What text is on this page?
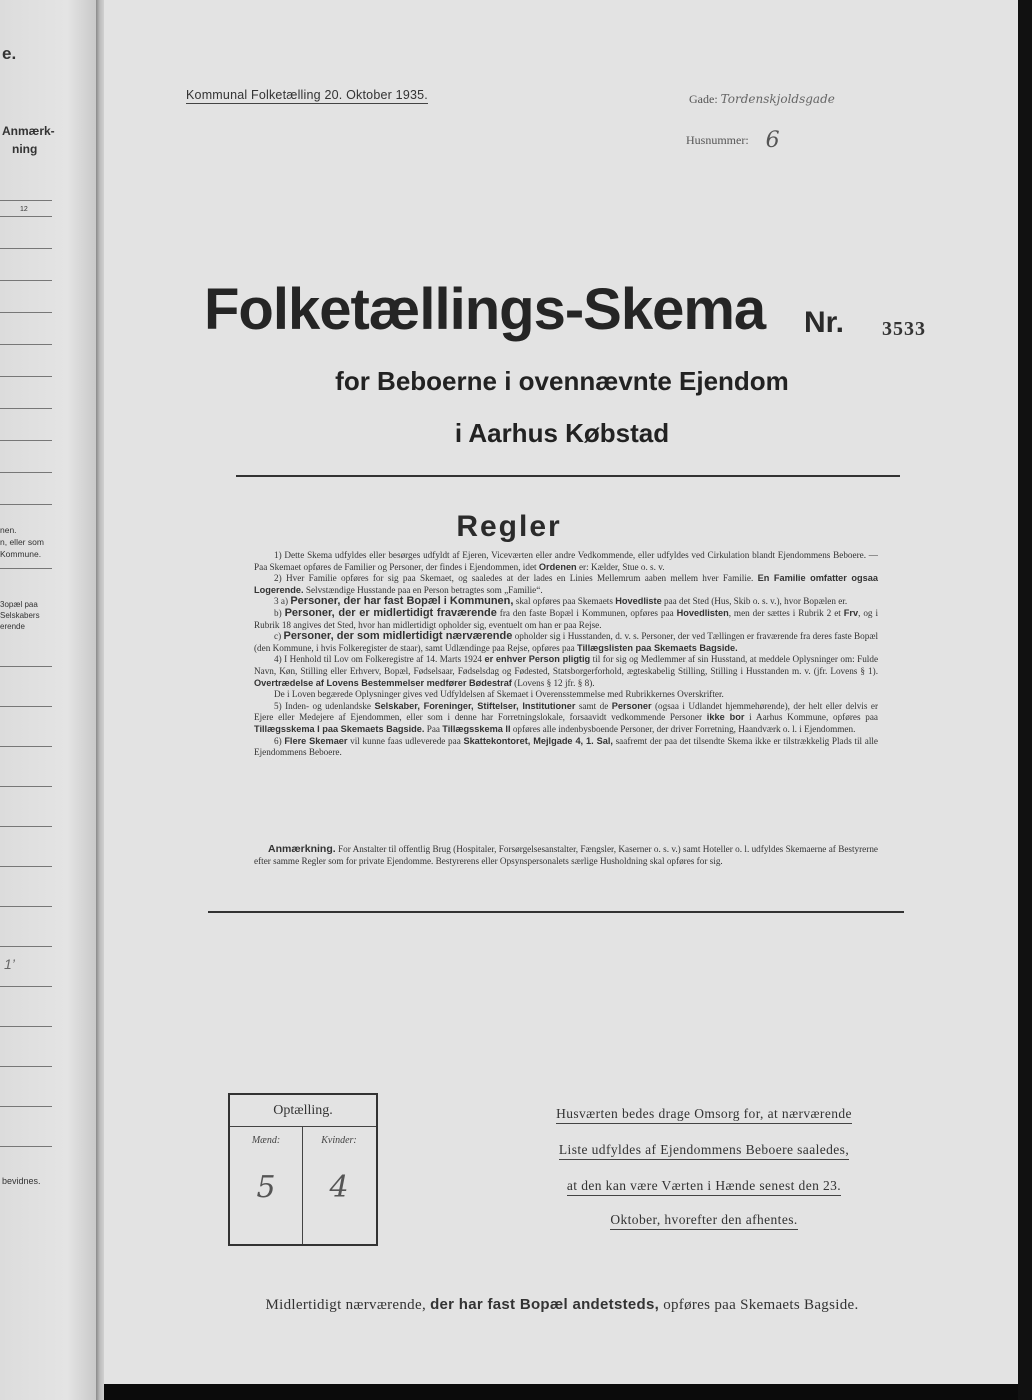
e.
Anmærk-
ning
12
nen.
n, eller som
Kommune.
3opæl paa
Selskabers
erende
1’
bevidnes.
Kommunal Folketælling 20. Oktober 1935.	Gade: Tordenskjoldsgade
Husnummer: 6
Folketællings-Skema Nr. 3533
for Beboerne i ovennævnte Ejendom
i Aarhus Købstad
Regler

1) Dette Skema udfyldes eller besørges udfyldt af Ejeren, Viceværten eller andre Vedkommende, eller udfyldes ved Cirkulation blandt Ejendommens Beboere. — Paa Skemaet opføres de Familier og Personer, der findes i Ejendommen, idet Ordenen er: Kælder, Stue o. s. v.

2) Hver Familie opføres for sig paa Skemaet, og saaledes at der lades en Linies Mellemrum aaben mellem hver Familie. En Familie omfatter ogsaa Logerende. Selvstændige Husstande paa en Person betragtes som „Familie“.

3 a) Personer, der har fast Bopæl i Kommunen, skal opføres paa Skemaets Hovedliste paa det Sted (Hus, Skib o. s. v.), hvor Bopælen er.

b) Personer, der er midlertidigt fraværende fra den faste Bopæl i Kommunen, opføres paa Hovedlisten, men der sættes i Rubrik 2 et Frv, og i Rubrik 18 angives det Sted, hvor han midlertidigt opholder sig, eventuelt om han er paa Rejse.

c) Personer, der som midlertidigt nærværende opholder sig i Husstanden, d. v. s. Personer, der ved Tællingen er fraværende fra deres faste Bopæl (den Kommune, i hvis Folkeregister de staar), samt Udlændinge paa Rejse, opføres paa Tillægslisten paa Skemaets Bagside.

4) I Henhold til Lov om Folkeregistre af 14. Marts 1924 er enhver Person pligtig til for sig og Medlemmer af sin Husstand, at meddele Oplysninger om: Fulde Navn, Køn, Stilling eller Erhverv, Bopæl, Fødselsaar, Fødselsdag og Fødested, Statsborgerforhold, ægteskabelig Stilling, Stilling i Husstanden m. v. (jfr. Lovens § 1). Overtrædelse af Lovens Bestemmelser medfører Bødestraf (Lovens § 12 jfr. § 8).

De i Loven begærede Oplysninger gives ved Udfyldelsen af Skemaet i Overensstemmelse med Rubrikkernes Overskrifter.

5) Inden- og udenlandske Selskaber, Foreninger, Stiftelser, Institutioner samt de Personer (ogsaa i Udlandet hjemmehørende), der helt eller delvis er Ejere eller Medejere af Ejendommen, eller som i denne har Forretningslokale, forsaavidt vedkommende Personer ikke bor i Aarhus Kommune, opføres paa Tillægsskema I paa Skemaets Bagside. Paa Tillægsskema II opføres alle indenbysboende Personer, der driver Forretning, Haandværk o. l. i Ejendommen.

6) Flere Skemaer vil kunne faas udleverede paa Skattekontoret, Mejlgade 4, 1. Sal, saafremt der paa det tilsendte Skema ikke er tilstrækkelig Plads til alle Ejendommens Beboere.

Anmærkning. For Anstalter til offentlig Brug (Hospitaler, Forsørgelsesanstalter, Fængsler, Kaserner o. s. v.) samt Hoteller o. l. udfyldes Skemaerne af Bestyrerne efter samme Regler som for private Ejendomme. Bestyrerens eller Opsynspersonalets særlige Husholdning skal opføres for sig.
Optælling.
Mænd:	Kvinder:
5	4
Husværten bedes drage Omsorg for, at nærværende
Liste udfyldes af Ejendommens Beboere saaledes,
at den kan være Værten i Hænde senest den 23.
Oktober, hvorefter den afhentes.
Midlertidigt nærværende, der har fast Bopæl andetsteds, opføres paa Skemaets Bagside.
